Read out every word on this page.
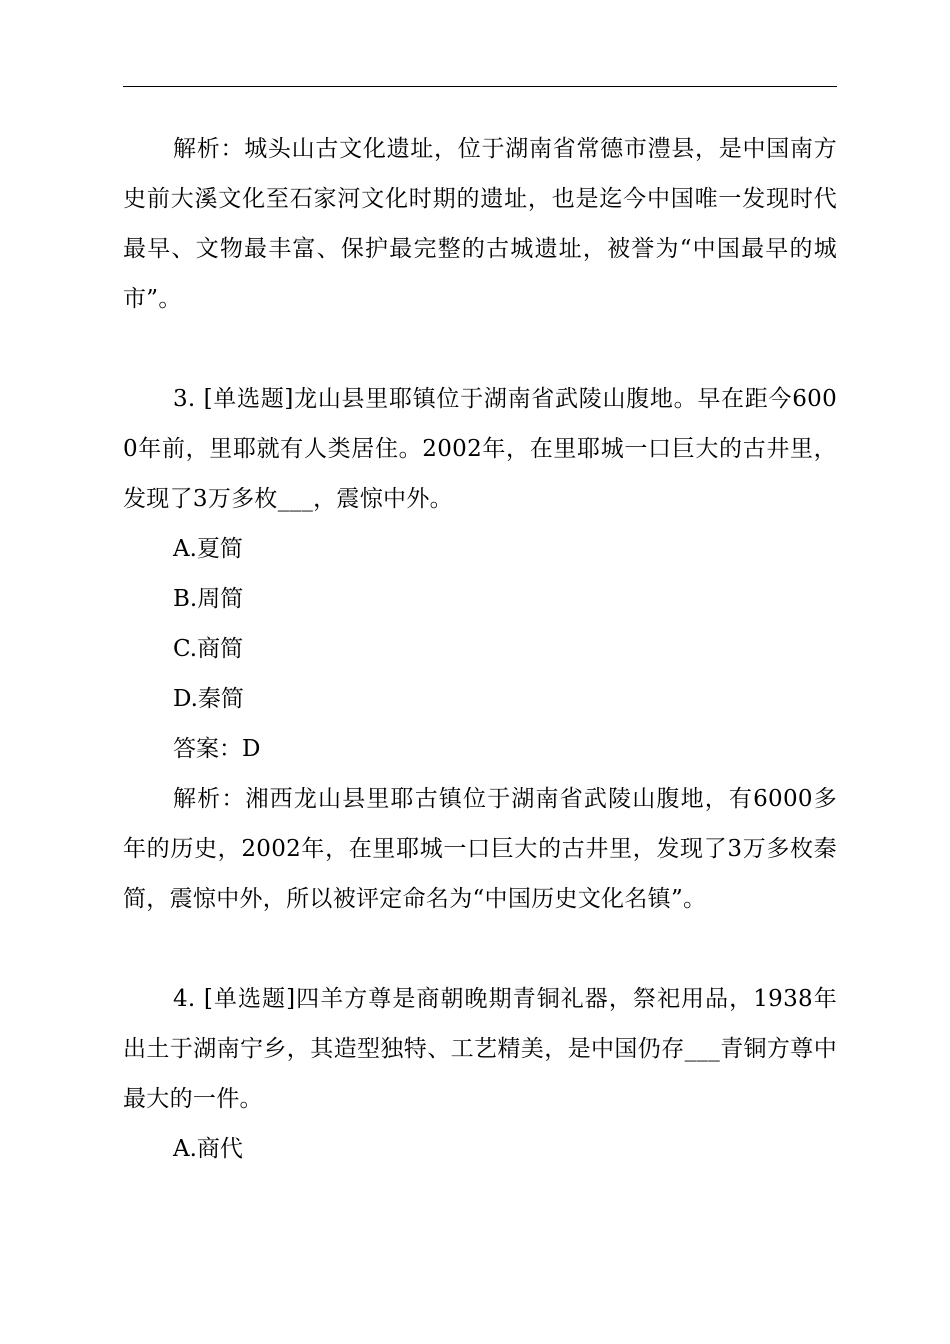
解析：城头山古文化遗址，位于湖南省常德市澧县，是中国南方史前大溪文化至石家河文化时期的遗址，也是迄今中国唯一发现时代最早、文物最丰富、保护最完整的古城遗址，被誉为“中国最早的城市”。

3. [单选题]龙山县里耶镇位于湖南省武陵山腹地。早在距今6000年前，里耶就有人类居住。2002年，在里耶城一口巨大的古井里，发现了3万多枚___，震惊中外。

A.夏简

B.周简

C.商简

D.秦简

答案：D

解析：湘西龙山县里耶古镇位于湖南省武陵山腹地，有6000多年的历史，2002年，在里耶城一口巨大的古井里，发现了3万多枚秦简，震惊中外，所以被评定命名为“中国历史文化名镇”。

4. [单选题]四羊方尊是商朝晚期青铜礼器，祭祀用品，1938年出土于湖南宁乡，其造型独特、工艺精美，是中国仍存___青铜方尊中最大的一件。

A.商代
